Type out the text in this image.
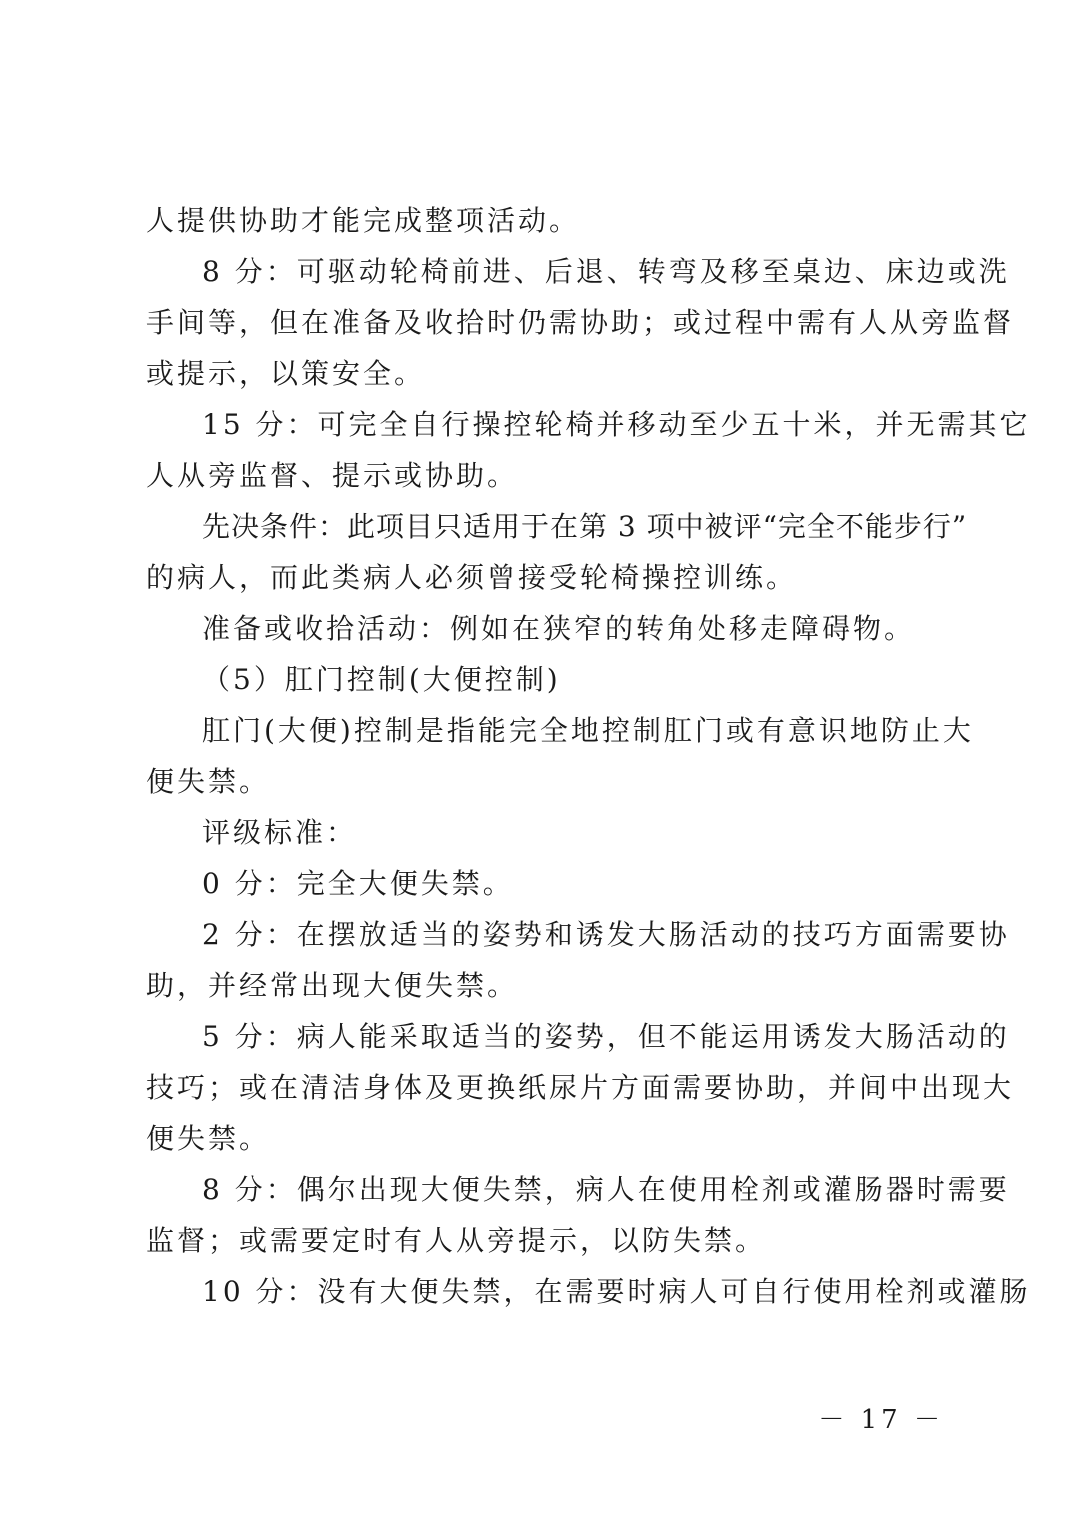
人提供协助才能完成整项活动。
8 分：可驱动轮椅前进、后退、转弯及移至桌边、床边或洗
手间等，但在准备及收拾时仍需协助；或过程中需有人从旁监督
或提示，以策安全。
15 分：可完全自行操控轮椅并移动至少五十米，并无需其它
人从旁监督、提示或协助。
先决条件：此项目只适用于在第 3 项中被评“完全不能步行”
的病人，而此类病人必须曾接受轮椅操控训练。
准备或收拾活动：例如在狭窄的转角处移走障碍物。
（5）肛门控制(大便控制)
肛门(大便)控制是指能完全地控制肛门或有意识地防止大
便失禁。
评级标准：
0 分：完全大便失禁。
2 分：在摆放适当的姿势和诱发大肠活动的技巧方面需要协
助，并经常出现大便失禁。
5 分：病人能采取适当的姿势，但不能运用诱发大肠活动的
技巧；或在清洁身体及更换纸尿片方面需要协助，并间中出现大
便失禁。
8 分：偶尔出现大便失禁，病人在使用栓剂或灌肠器时需要
监督；或需要定时有人从旁提示，以防失禁。
10 分：没有大便失禁，在需要时病人可自行使用栓剂或灌肠
－ 17 －
